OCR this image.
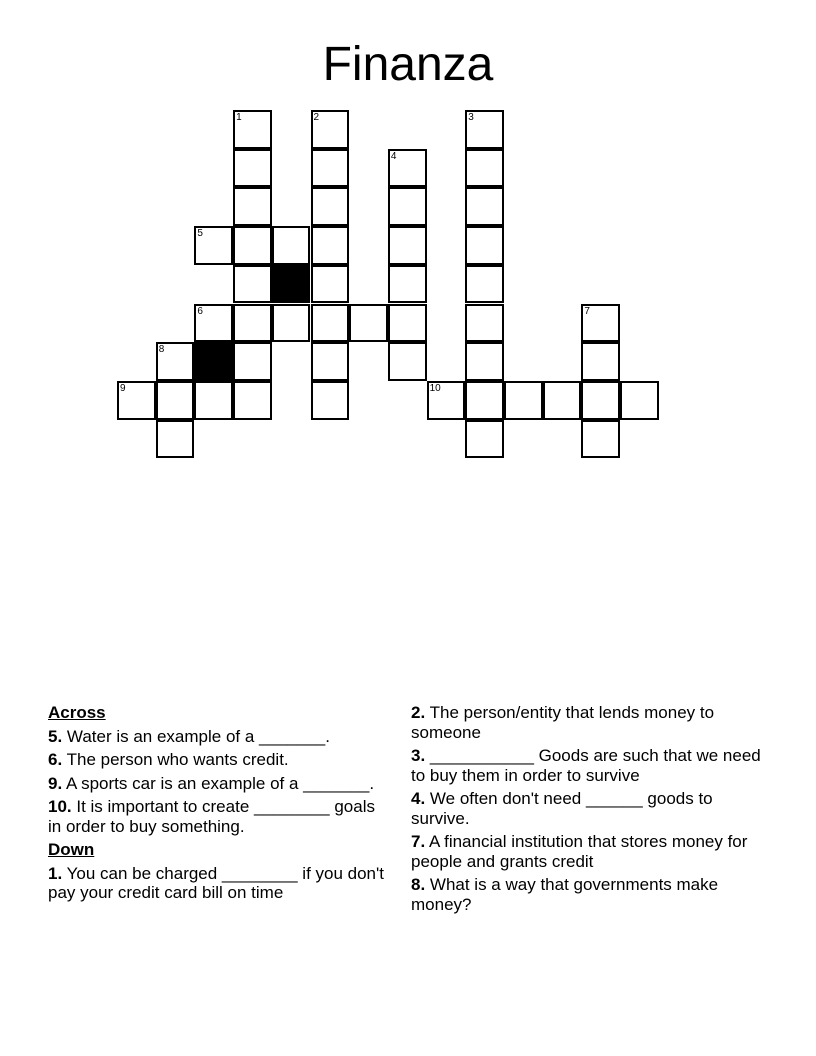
Finanza
1	2	3
4
5
6	7
8
9	10
Across
5. Water is an example of a _______.
6. The person who wants credit.
9. A sports car is an example of a _______.
10. It is important to create ________ goals in order to buy something.
Down
1. You can be charged ________ if you don't pay your credit card bill on time
2. The person/entity that lends money to someone
3. ___________ Goods are such that we need to buy them in order to survive
4. We often don't need ______ goods to survive.
7. A financial institution that stores money for people and grants credit
8. What is a way that governments make money?
